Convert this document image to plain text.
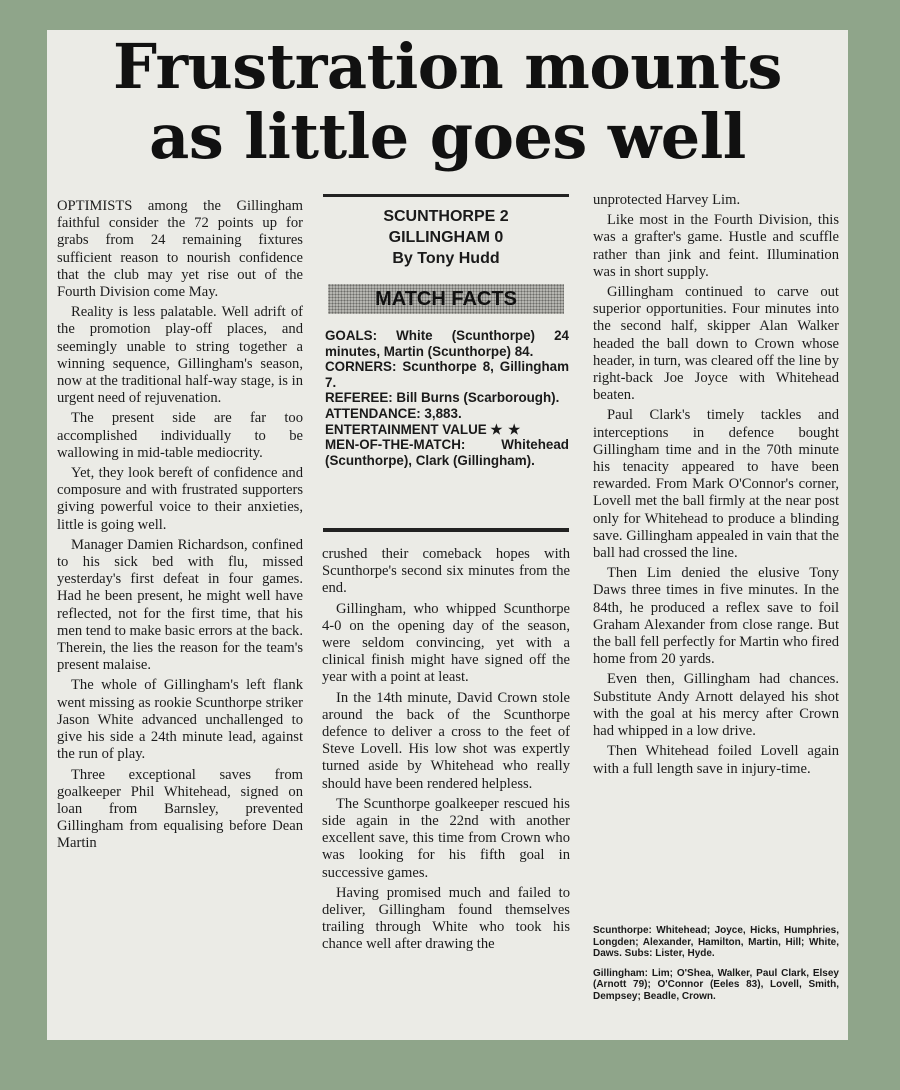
Frustration mounts
as little goes well

OPTIMISTS among the Gillingham faithful consider the 72 points up for grabs from 24 remaining fixtures sufficient reason to nourish confidence that the club may yet rise out of the Fourth Division come May.

Reality is less palatable. Well adrift of the promotion play-off places, and seemingly unable to string together a winning sequence, Gillingham's season, now at the traditional half-way stage, is in urgent need of rejuvenation.

The present side are far too accomplished individually to be wallowing in mid-table mediocrity.

Yet, they look bereft of confidence and composure and with frustrated supporters giving powerful voice to their anxieties, little is going well.

Manager Damien Richardson, confined to his sick bed with flu, missed yesterday's first defeat in four games. Had he been present, he might well have reflected, not for the first time, that his men tend to make basic errors at the back. Therein, the lies the reason for the team's present malaise.

The whole of Gillingham's left flank went missing as rookie Scunthorpe striker Jason White advanced unchallenged to give his side a 24th minute lead, against the run of play.

Three exceptional saves from goalkeeper Phil Whitehead, signed on loan from Barnsley, prevented Gillingham from equalising before Dean Martin

SCUNTHORPE 2
GILLINGHAM 0
By Tony Hudd
MATCH FACTS
GOALS: White (Scunthorpe) 24 minutes, Martin (Scunthorpe) 84.
CORNERS: Scunthorpe 8, Gillingham 7.
REFEREE: Bill Burns (Scarborough).
ATTENDANCE: 3,883.
ENTERTAINMENT VALUE ★ ★
MEN-OF-THE-MATCH: Whitehead (Scunthorpe), Clark (Gillingham).

crushed their comeback hopes with Scunthorpe's second six minutes from the end.

Gillingham, who whipped Scunthorpe 4-0 on the opening day of the season, were seldom convincing, yet with a clinical finish might have signed off the year with a point at least.

In the 14th minute, David Crown stole around the back of the Scunthorpe defence to deliver a cross to the feet of Steve Lovell. His low shot was expertly turned aside by Whitehead who really should have been rendered helpless.

The Scunthorpe goalkeeper rescued his side again in the 22nd with another excellent save, this time from Crown who was looking for his fifth goal in successive games.

Having promised much and failed to deliver, Gillingham found themselves trailing through White who took his chance well after drawing the

unprotected Harvey Lim.

Like most in the Fourth Division, this was a grafter's game. Hustle and scuffle rather than jink and feint. Illumination was in short supply.

Gillingham continued to carve out superior opportunities. Four minutes into the second half, skipper Alan Walker headed the ball down to Crown whose header, in turn, was cleared off the line by right-back Joe Joyce with Whitehead beaten.

Paul Clark's timely tackles and interceptions in defence bought Gillingham time and in the 70th minute his tenacity appeared to have been rewarded. From Mark O'Connor's corner, Lovell met the ball firmly at the near post only for Whitehead to produce a blinding save. Gillingham appealed in vain that the ball had crossed the line.

Then Lim denied the elusive Tony Daws three times in five minutes. In the 84th, he produced a reflex save to foil Graham Alexander from close range. But the ball fell perfectly for Martin who fired home from 20 yards.

Even then, Gillingham had chances. Substitute Andy Arnott delayed his shot with the goal at his mercy after Crown had whipped in a low drive.

Then Whitehead foiled Lovell again with a full length save in injury-time.

Scunthorpe: Whitehead; Joyce, Hicks, Humphries, Longden; Alexander, Hamilton, Martin, Hill; White, Daws. Subs: Lister, Hyde.

Gillingham: Lim; O'Shea, Walker, Paul Clark, Elsey (Arnott 79); O'Connor (Eeles 83), Lovell, Smith, Dempsey; Beadle, Crown.
